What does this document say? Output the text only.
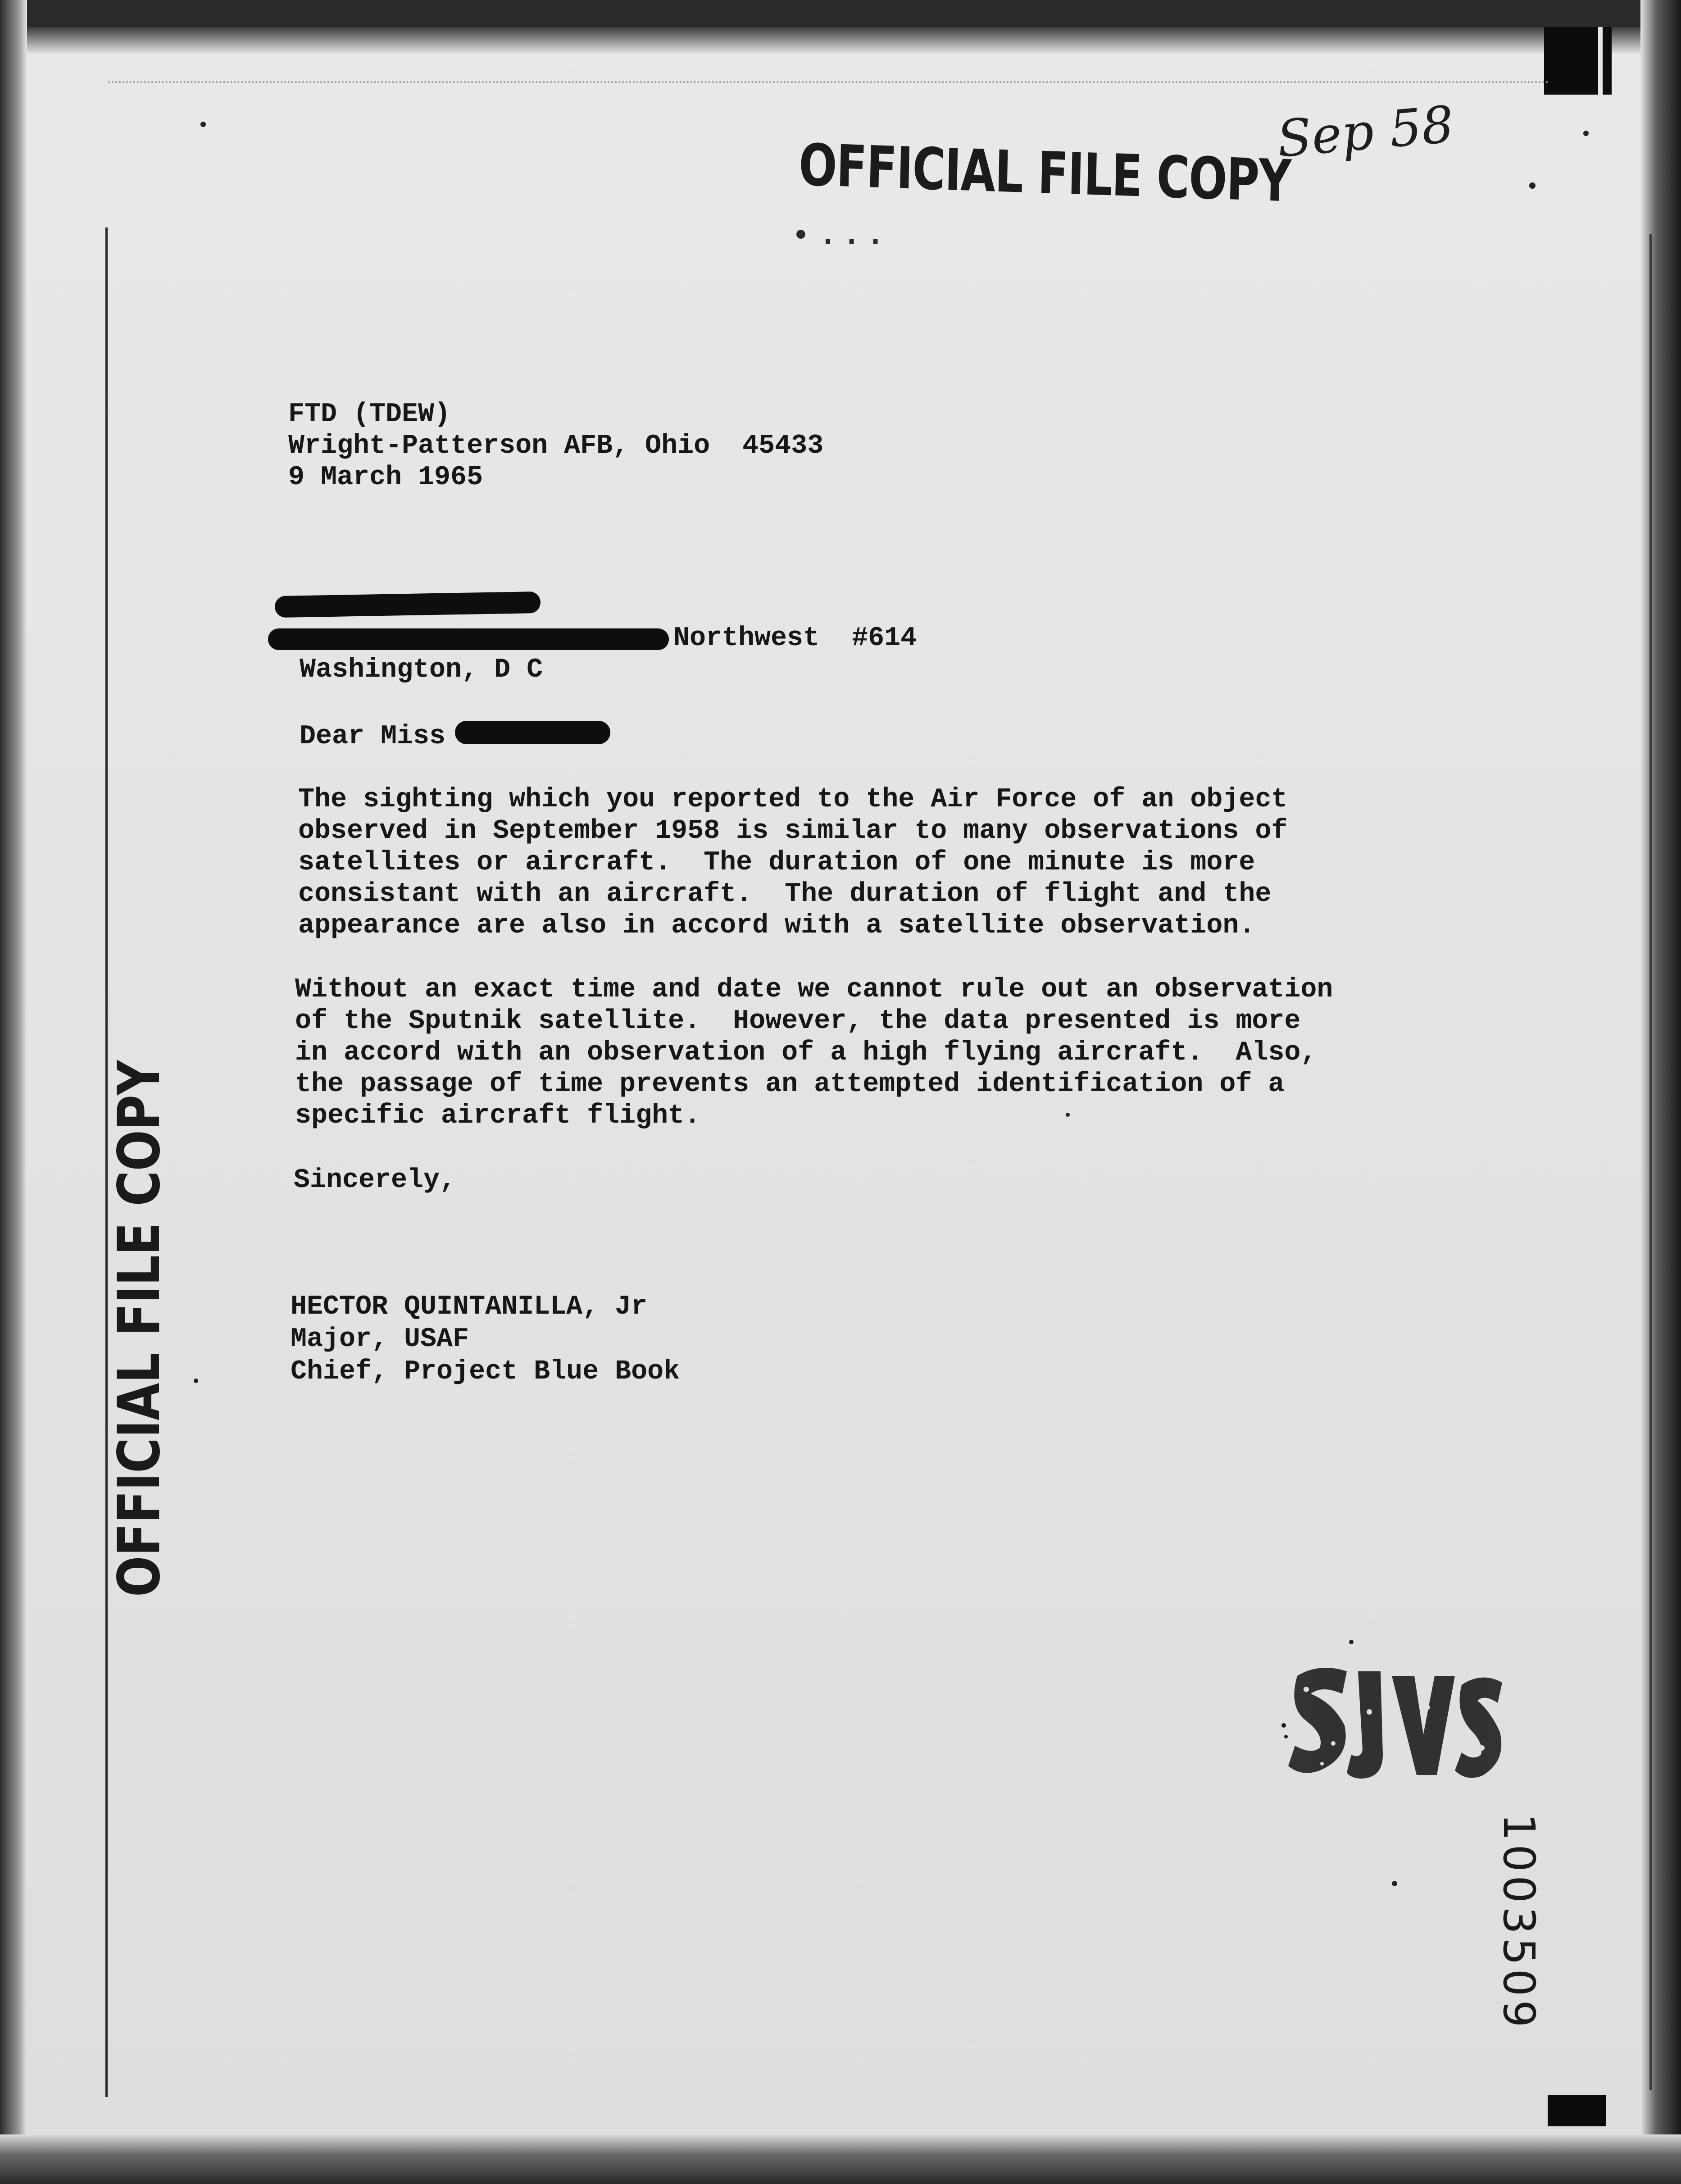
OFFICIAL FILE COPY
• . . .
Sep 58
OFFICIAL FILE COPY
1003509
FTD (TDEW)
Wright-Patterson AFB, Ohio  45433
9 March 1965
Northwest  #614
Washington, D C
Dear Miss
The sighting which you reported to the Air Force of an object
observed in September 1958 is similar to many observations of
satellites or aircraft.  The duration of one minute is more
consistant with an aircraft.  The duration of flight and the
appearance are also in accord with a satellite observation.
Without an exact time and date we cannot rule out an observation
of the Sputnik satellite.  However, the data presented is more
in accord with an observation of a high flying aircraft.  Also,
the passage of time prevents an attempted identification of a
specific aircraft flight.
Sincerely,
HECTOR QUINTANILLA, Jr
Major, USAF
Chief, Project Blue Book
